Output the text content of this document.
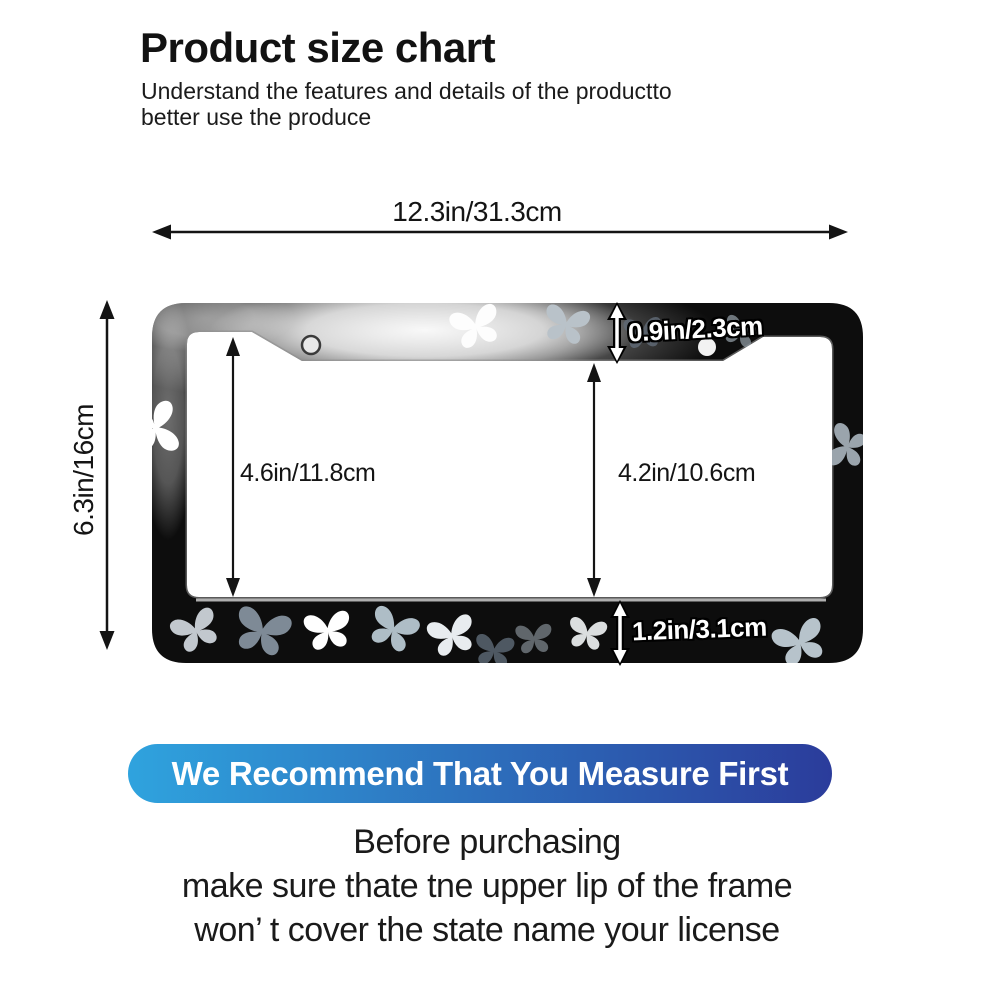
Product size chart
Understand the features and details of the productto
better use the produce
12.3in/31.3cm
6.3in/16cm	4.6in/11.8cm	4.2in/10.6cm
0.9in/2.3cm
1.2in/3.1cm
We Recommend That You Measure First
Before purchasing
make sure thate tne upper lip of the frame
won’ t cover the state name your license
